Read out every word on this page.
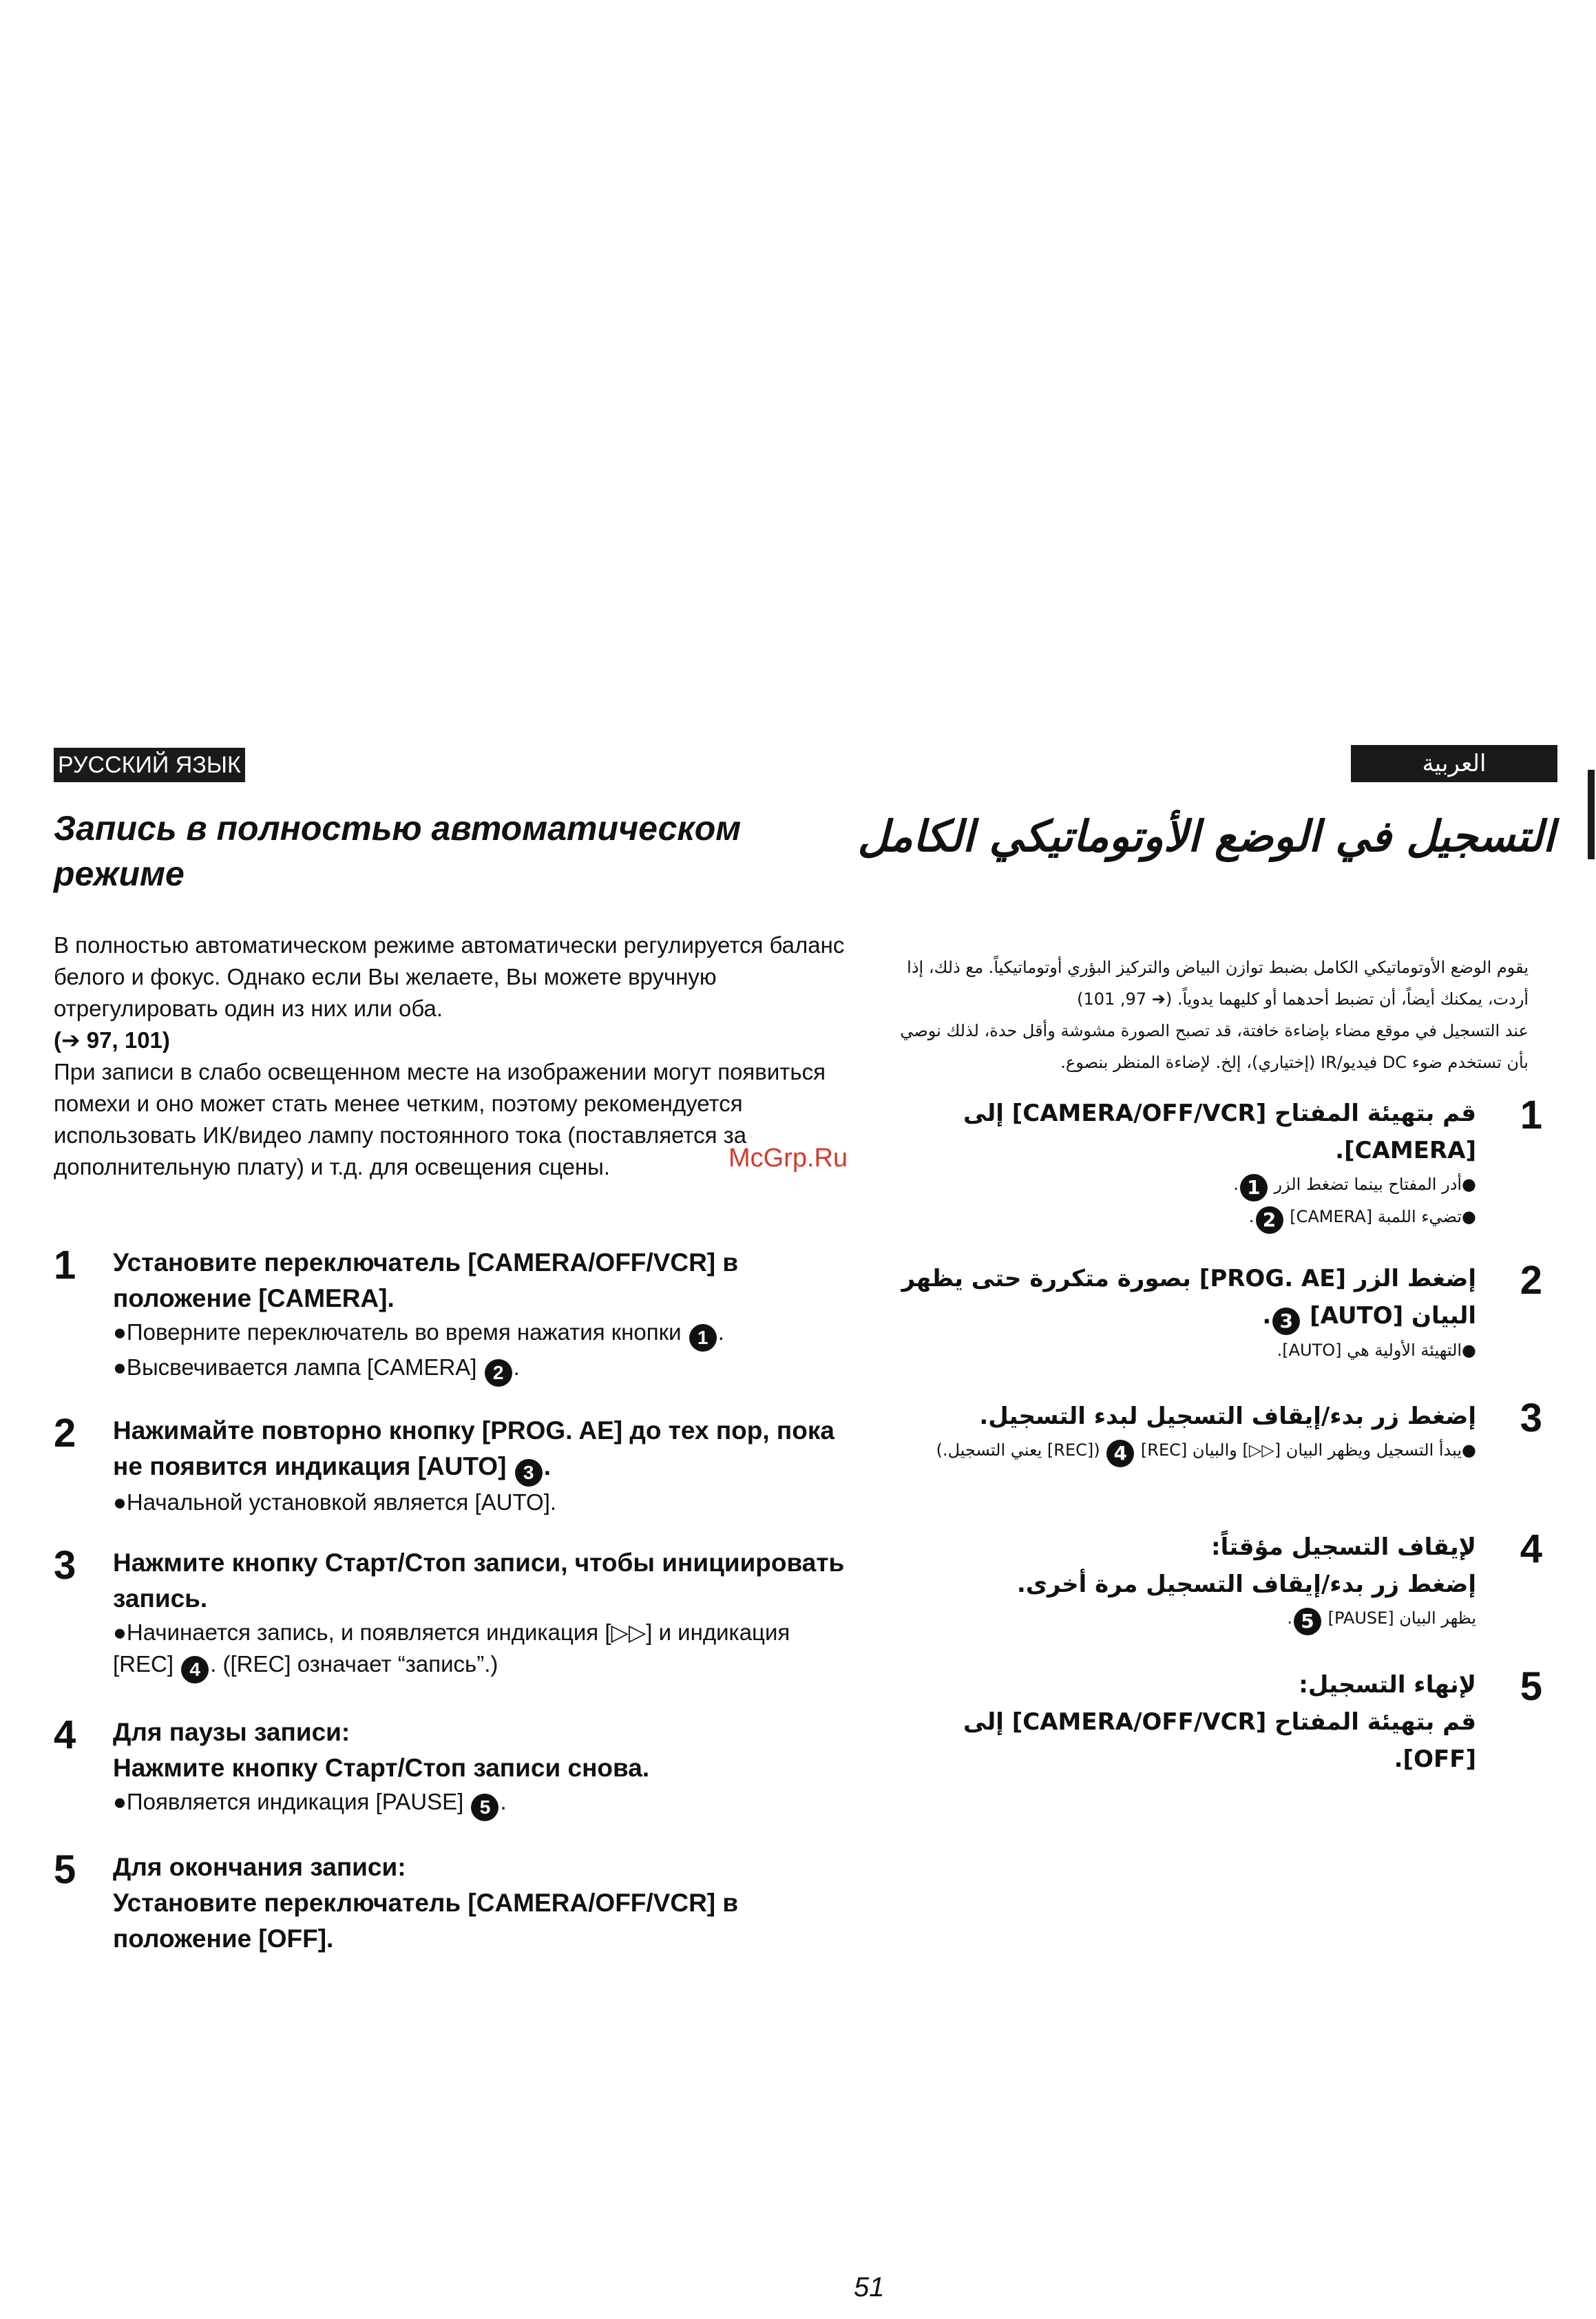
РУССКИЙ ЯЗЫК
Запись в полностью автоматическом режиме
В полностью автоматическом режиме автоматически регулируется баланс белого и фокус. Однако если Вы желаете, Вы можете вручную отрегулировать один из них или оба.
(➔ 97, 101)
При записи в слабо освещенном месте на изображении могут появиться помехи и оно может стать менее четким, поэтому рекомендуется использовать ИК/видео лампу постоянного тока (поставляется за дополнительную плату) и т.д. для освещения сцены.
1 Установите переключатель [CAMERA/OFF/VCR] в положение [CAMERA].
●Поверните переключатель во время нажатия кнопки 1 .
●Высвечивается лампа [CAMERA] 2 .
2 Нажимайте повторно кнопку [PROG. AE] до тех пор, пока не появится индикация [AUTO] 3 .
●Начальной установкой является [AUTO].
3 Нажмите кнопку Старт/Стоп записи, чтобы инициировать запись.
●Начинается запись, и появляется индикация [▷▷] и индикация [REC] 4 . ([REC] означает “запись”.)
4 Для паузы записи:
Нажмите кнопку Старт/Стоп записи снова.
●Появляется индикация [PAUSE] 5 .
5 Для окончания записи:
Установите переключатель [CAMERA/OFF/VCR] в положение [OFF].
McGrp.Ru
العربية
التسجيل في الوضع الأوتوماتيكي الكامل
يقوم الوضع الأوتوماتيكي الكامل بضبط توازن البياض والتركيز البؤري أوتوماتيكياً. مع ذلك، إذا أردت، يمكنك أيضاً، أن تضبط أحدهما أو كليهما يدوياً. (➔ 97, 101)
عند التسجيل في موقع مضاء بإضاءة خافتة، قد تصبح الصورة مشوشة وأقل حدة، لذلك نوصي بأن تستخدم ضوء DC فيديو/IR (إختياري)، إلخ. لإضاءة المنظر بنصوع.
1
قم بتهيئة المفتاح [CAMERA/OFF/VCR] إلى [CAMERA].
●أدر المفتاح بينما تضغط الزر 1.
●تضيء اللمبة [CAMERA] 2.
2
إضغط الزر [PROG. AE] بصورة متكررة حتى يظهر البيان [AUTO] 3.
●التهيئة الأولية هي [AUTO].
3
إضغط زر بدء/إيقاف التسجيل لبدء التسجيل.
●يبدأ التسجيل ويظهر البيان [▷▷] والبيان [REC] 4 ([REC] يعني التسجيل.)
4
لإيقاف التسجيل مؤقتاً:
إضغط زر بدء/إيقاف التسجيل مرة أخرى.
يظهر البيان [PAUSE] 5.
5
لإنهاء التسجيل:
قم بتهيئة المفتاح [CAMERA/OFF/VCR] إلى [OFF].
51
